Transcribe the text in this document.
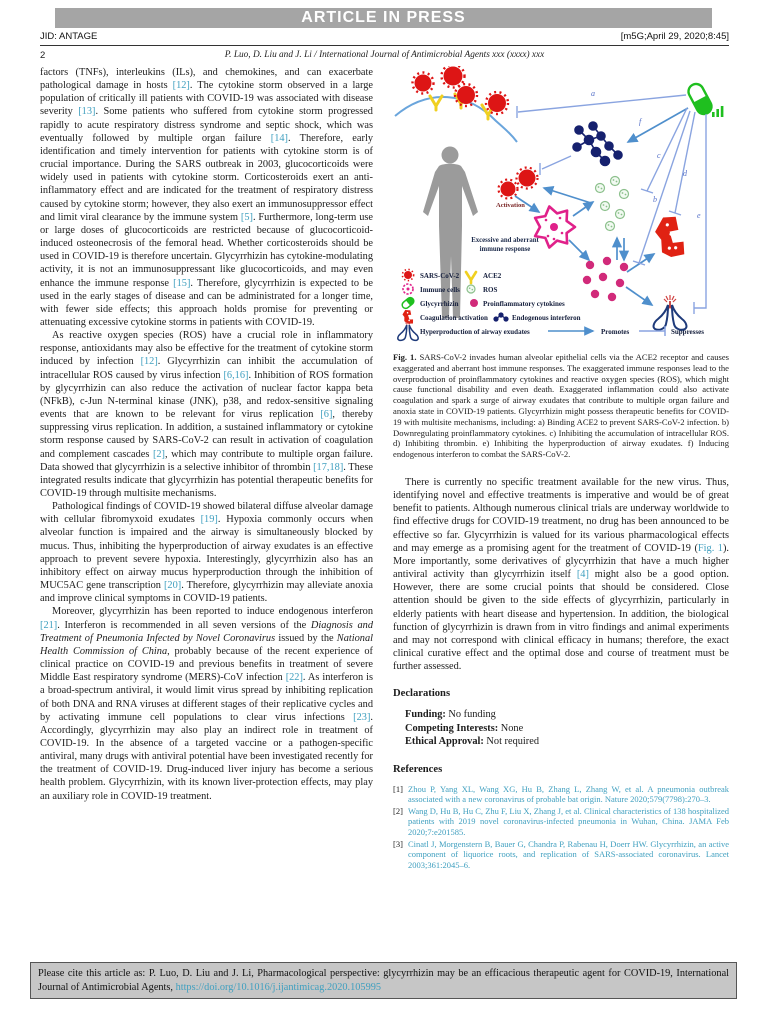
ARTICLE IN PRESS
JID: ANTAGE	[m5G;April 29, 2020;8:45]
2	P. Luo, D. Liu and J. Li / International Journal of Antimicrobial Agents xxx (xxxx) xxx

factors (TNFs), interleukins (ILs), and chemokines, and can exacerbate pathological damage in hosts [12]. The cytokine storm observed in a large population of critically ill patients with COVID-19 was associated with disease severity [13]. Some patients who suffered from cytokine storm progressed rapidly to acute respiratory distress syndrome and septic shock, which was eventually followed by multiple organ failure [14]. Therefore, early identification and timely intervention for patients with cytokine storm is of crucial importance. During the SARS outbreak in 2003, glucocorticoids were widely used in patients with cytokine storm. Corticosteroids exert an anti-inflammatory effect and are indicated for the treatment of respiratory distress caused by cytokine storm; however, they also exert an immunosuppressor effect and limit viral clearance by the immune system [5]. Furthermore, long-term use or large doses of glucocorticoids are restricted because of glucocorticoid-induced osteonecrosis of the femoral head. Whether corticosteroids should be used in COVID-19 is therefore uncertain. Glycyrrhizin has cytokine-modulating activity, it is not an immunosuppressant like glucocorticoids, and may even enhance the immune response [15]. Therefore, glycyrrhizin is expected to be used in the early stages of disease and can be administrated for a longer time, with fewer side effects; this approach holds promise for preventing or attenuating excessive cytokine storms in patients with COVID-19.

As reactive oxygen species (ROS) have a crucial role in inflammatory response, antioxidants may also be effective for the treatment of cytokine storm induced by infection [12]. Glycyrrhizin can inhibit the accumulation of intracellular ROS caused by virus infection [6,16]. Inhibition of ROS formation by glycyrrhizin can also reduce the activation of nuclear factor kappa beta (NFkB), c-Jun N-terminal kinase (JNK), p38, and redox-sensitive signaling events that are known to be relevant for virus replication [6], thereby suppressing virus replication. In addition, a sustained inflammatory or cytokine storm response caused by SARS-CoV-2 can result in activation of coagulation and complement cascades [2], which may contribute to multiple organ failure. Data showed that glycyrrhizin is a selective inhibitor of thrombin [17,18]. These integrated results indicate that glycyrrhizin has potential therapeutic benefits for COVID-19 through multisite mechanisms.

Pathological findings of COVID-19 showed bilateral diffuse alveolar damage with cellular fibromyxoid exudates [19]. Hypoxia commonly occurs when alveolar function is impaired and the airway is simultaneously blocked by mucus. Thus, inhibiting the hyperproduction of airway exudates is an effective approach to prevent severe hypoxia. Interestingly, glycyrrhizin also has an inhibitory effect on airway mucus hyperproduction through the inhibition of MUC5AC gene transcription [20]. Therefore, glycyrrhizin may alleviate anoxia and improve clinical symptoms in COVID-19 patients.

Moreover, glycyrrhizin has been reported to induce endogenous interferon [21]. Interferon is recommended in all seven versions of the Diagnosis and Treatment of Pneumonia Infected by Novel Coronavirus issued by the National Health Commission of China, probably because of the recent experience of clinical practice on COVID-19 and previous benefits in treatment of severe Middle East respiratory syndrome (MERS)-CoV infection [22]. As interferon is a broad-spectrum antiviral, it would limit virus spread by inhibiting replication of both DNA and RNA viruses at different stages of their replicative cycles and by activating immune cell populations to clear virus infections [23]. Accordingly, glycyrrhizin may also play an indirect role in treatment of COVID-19. In the absence of a targeted vaccine or a pathogen-specific antiviral, many drugs with antiviral potential have been investigated recently for the treatment of COVID-19. Drug-induced liver injury has become a serious health problem. Glycyrrhizin, with its known liver-protection effects, may play an auxiliary role in COVID-19 treatment.

a
f
c
b
d
e
Activation
Excessive and aberrant
immune response
SARS-CoV-2	ACE2
Immune cells	ROS
Glycyrrhizin	Proinflammatory cytokines
Coagulation activation	Endogenous interferon
Hyperproduction of airway exudates	Promotes	Suppresses

Fig. 1. SARS-CoV-2 invades human alveolar epithelial cells via the ACE2 receptor and causes exaggerated and aberrant host immune responses. The exaggerated immune responses lead to the overproduction of proinflammatory cytokines and reactive oxygen species (ROS), which might cause functional disability and even death. Exaggerated inflammation could also activate coagulation and spark a surge of airway exudates that contribute to multiple organ failure and anoxia state in COVID-19 patients. Glycyrrhizin might possess therapeutic benefits for COVID-19 with multisite mechanisms, including: a) Binding ACE2 to prevent SARS-CoV-2 infection. b) Downregulating proinflammatory cytokines. c) Inhibiting the accumulation of intracellular ROS. d) Inhibiting thrombin. e) Inhibiting the hyperproduction of airway exudates. f) Inducing endogenous interferon to combat the SARS-CoV-2.

There is currently no specific treatment available for the new virus. Thus, identifying novel and effective treatments is imperative and would be of great benefit to patients. Although numerous clinical trials are underway worldwide to find effective drugs for COVID-19 treatment, no drug has been announced to be effective so far. Glycyrrhizin is valued for its various pharmacological effects and may emerge as a promising agent for the treatment of COVID-19 (Fig. 1). More importantly, some derivatives of glycyrrhizin that have a much higher antiviral activity than glycyrrhizin itself [4] might also be a good option. However, there are some crucial points that should be considered. Close attention should be given to the side effects of glycyrrhizin, particularly in elderly patients with heart disease and hypertension. In addition, the biological function of glycyrrhizin is drawn from in vitro findings and animal experiments and may not correspond with clinical efficacy in humans; therefore, the exact clinical curative effect and the optimal dose and course of treatment must be further assessed.

Declarations
Funding: No funding
Competing Interests: None
Ethical Approval: Not required
References
[1] Zhou P, Yang XL, Wang XG, Hu B, Zhang L, Zhang W, et al. A pneumonia outbreak associated with a new coronavirus of probable bat origin. Nature 2020;579(7798):270–3.
[2] Wang D, Hu B, Hu C, Zhu F, Liu X, Zhang J, et al. Clinical characteristics of 138 hospitalized patients with 2019 novel coronavirus-infected pneumonia in Wuhan, China. JAMA Feb 2020;7:e201585.
[3] Cinatl J, Morgenstern B, Bauer G, Chandra P, Rabenau H, Doerr HW. Glycyrrhizin, an active component of liquorice roots, and replication of SARS-associated coronavirus. Lancet 2003;361:2045–6.
Please cite this article as: P. Luo, D. Liu and J. Li, Pharmacological perspective: glycyrrhizin may be an efficacious therapeutic agent for COVID-19, International Journal of Antimicrobial Agents, https://doi.org/10.1016/j.ijantimicag.2020.105995
